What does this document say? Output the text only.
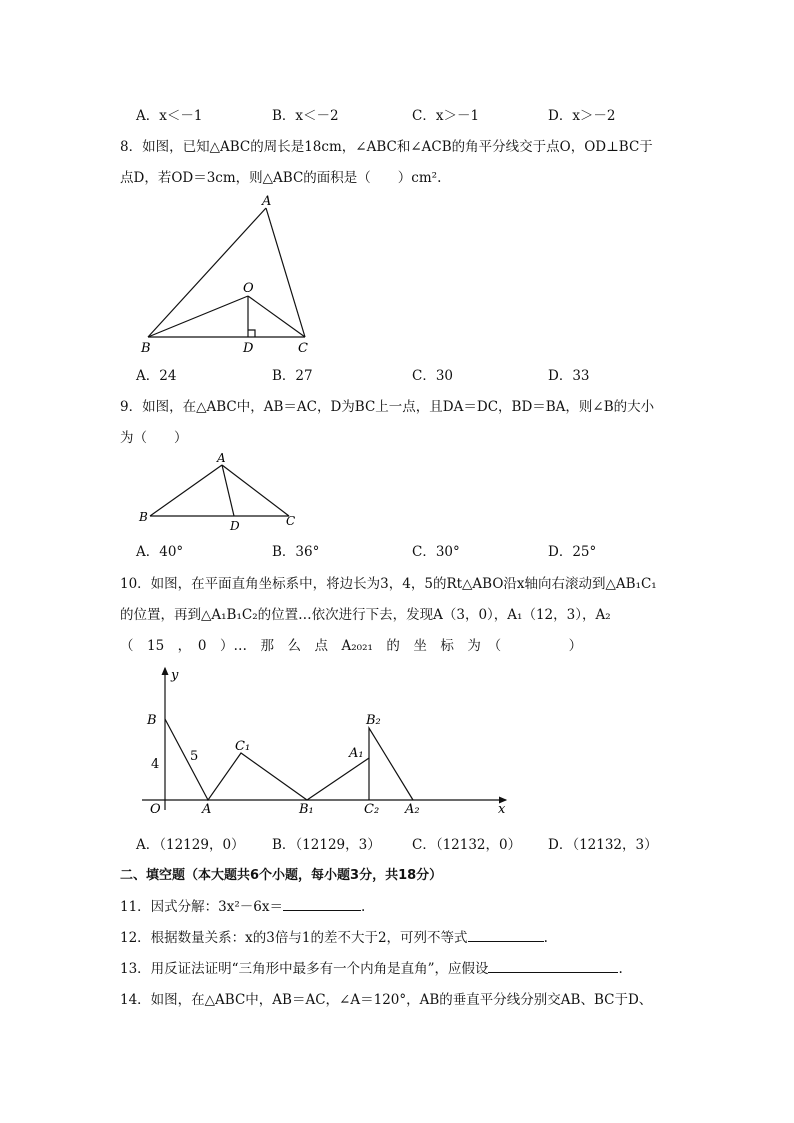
A．x＜－1	B．x＜－2	C．x＞－1	D．x＞－2
8．如图，已知△ABC的周长是18cm，∠ABC和∠ACB的角平分线交于点O，OD⊥BC于
点D，若OD＝3cm，则△ABC的面积是（　　）cm².
A
O
B	D	C
A．24	B．27	C．30	D．33
9．如图，在△ABC中，AB＝AC，D为BC上一点，且DA＝DC，BD＝BA，则∠B的大小
为（　　）
A
B
D	C
A．40°	B．36°	C．30°	D．25°
10．如图，在平面直角坐标系中，将边长为3，4，5的Rt△ABO沿x轴向右滚动到△AB₁C₁
的位置，再到△A₁B₁C₂的位置…依次进行下去，发现A（3，0），A₁（12，3），A₂
（　15　，　0　）…　那　么　点　A₂₀₂₁　的　坐　标　为　（　　　　　）
y
x
O
B
4
5
A
C₁
B₁
A₁
B₂
C₂ A₂
A．（12129，0） B．（12129，3） C．（12132，0） D．（12132，3）
二、填空题（本大题共6个小题，每小题3分，共18分）
11．因式分解：3x²－6x＝	.
12．根据数量关系：x的3倍与1的差不大于2，可列不等式	.
13．用反证法证明“三角形中最多有一个内角是直角”，应假设	.
14．如图，在△ABC中，AB＝AC，∠A＝120°，AB的垂直平分线分别交AB、BC于D、
